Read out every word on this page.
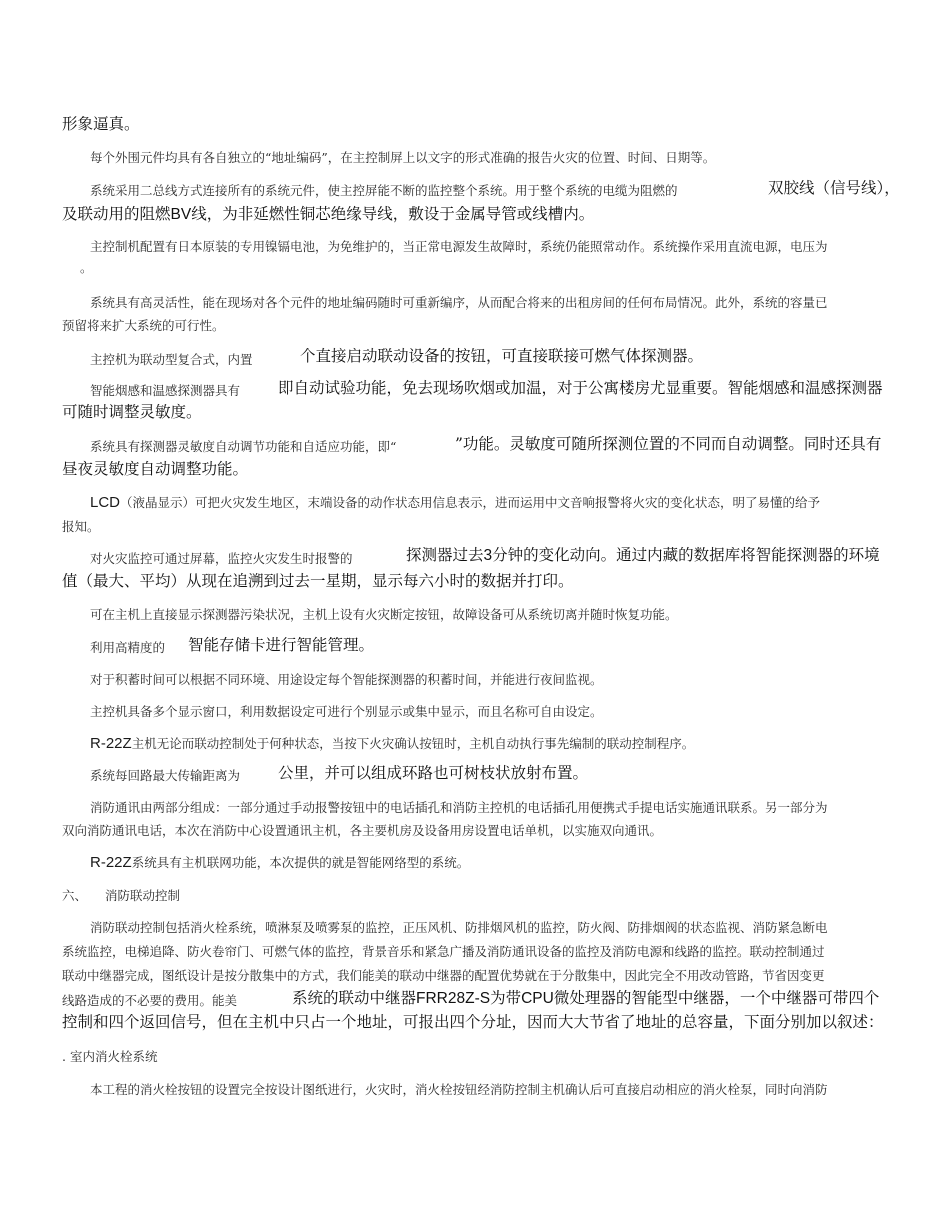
形象逼真。
每个外围元件均具有各自独立的“地址编码”，在主控制屏上以文字的形式准确的报告火灾的位置、时间、日期等。
系统采用二总线方式连接所有的系统元件，使主控屏能不断的监控整个系统。用于整个系统的电缆为阻燃的	双胶线（信号线），
及联动用的阻燃BV线，为非延燃性铜芯绝缘导线，敷设于金属导管或线槽内。
主控制机配置有日本原装的专用镍镉电池，为免维护的，当正常电源发生故障时，系统仍能照常动作。系统操作采用直流电源，电压为
。
系统具有高灵活性，能在现场对各个元件的地址编码随时可重新编序，从而配合将来的出租房间的任何布局情况。此外，系统的容量已
预留将来扩大系统的可行性。
主控机为联动型复合式，内置	个直接启动联动设备的按钮，可直接联接可燃气体探测器。
智能烟感和温感探测器具有 即自动试验功能，免去现场吹烟或加温，对于公寓楼房尤显重要。智能烟感和温感探测器
可随时调整灵敏度。
系统具有探测器灵敏度自动调节功能和自适应功能，即“	”功能。灵敏度可随所探测位置的不同而自动调整。同时还具有
昼夜灵敏度自动调整功能。
LCD（液晶显示）可把火灾发生地区，末端设备的动作状态用信息表示，进而运用中文音响报警将火灾的变化状态，明了易懂的给予
报知。
对火灾监控可通过屏幕，监控火灾发生时报警的	探测器过去3分钟的变化动向。通过内藏的数据库将智能探测器的环境
值（最大、平均）从现在追溯到过去一星期，显示每六小时的数据并打印。
可在主机上直接显示探测器污染状况，主机上设有火灾断定按钮，故障设备可从系统切离并随时恢复功能。
利用高精度的 智能存储卡进行智能管理。
对于积蓄时间可以根据不同环境、用途设定每个智能探测器的积蓄时间，并能进行夜间监视。
主控机具备多个显示窗口，利用数据设定可进行个别显示或集中显示，而且名称可自由设定。
R-22Z主机无论而联动控制处于何种状态，当按下火灾确认按钮时，主机自动执行事先编制的联动控制程序。
系统每回路最大传输距离为 公里，并可以组成环路也可树枝状放射布置。
消防通讯由两部分组成：一部分通过手动报警按钮中的电话插孔和消防主控机的电话插孔用便携式手提电话实施通讯联系。另一部分为
双向消防通讯电话，本次在消防中心设置通讯主机，各主要机房及设备用房设置电话单机，以实施双向通讯。
R-22Z系统具有主机联网功能，本次提供的就是智能网络型的系统。
六、 消防联动控制
消防联动控制包括消火栓系统，喷淋泵及喷雾泵的监控，正压风机、防排烟风机的监控，防火阀、防排烟阀的状态监视、消防紧急断电
系统监控，电梯追降、防火卷帘门、可燃气体的监控，背景音乐和紧急广播及消防通讯设备的监控及消防电源和线路的监控。联动控制通过
联动中继器完成，图纸设计是按分散集中的方式，我们能美的联动中继器的配置优势就在于分散集中，因此完全不用改动管路，节省因变更
线路造成的不必要的费用。能美	系统的联动中继器FRR28Z-S为带CPU微处理器的智能型中继器，一个中继器可带四个
控制和四个返回信号，但在主机中只占一个地址，可报出四个分址，因而大大节省了地址的总容量，下面分别加以叙述：
. 室内消火栓系统
本工程的消火栓按钮的设置完全按设计图纸进行，火灾时，消火栓按钮经消防控制主机确认后可直接启动相应的消火栓泵，同时向消防
